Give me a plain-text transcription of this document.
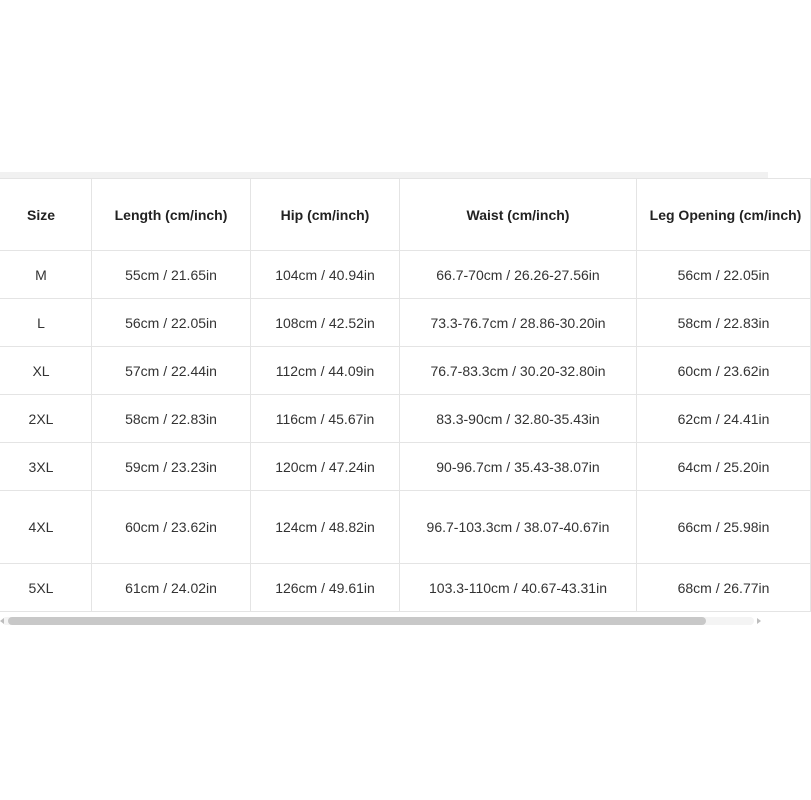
Size	Length (cm/inch)	Hip (cm/inch)	Waist (cm/inch)	Leg Opening (cm/inch)
M	55cm / 21.65in	104cm / 40.94in	66.7-70cm / 26.26-27.56in	56cm / 22.05in
L	56cm / 22.05in	108cm / 42.52in	73.3-76.7cm / 28.86-30.20in	58cm / 22.83in
XL	57cm / 22.44in	112cm / 44.09in	76.7-83.3cm / 30.20-32.80in	60cm / 23.62in
2XL	58cm / 22.83in	116cm / 45.67in	83.3-90cm / 32.80-35.43in	62cm / 24.41in
3XL	59cm / 23.23in	120cm / 47.24in	90-96.7cm / 35.43-38.07in	64cm / 25.20in
4XL	60cm / 23.62in	124cm / 48.82in	96.7-103.3cm / 38.07-40.67in	66cm / 25.98in
5XL	61cm / 24.02in	126cm / 49.61in	103.3-110cm / 40.67-43.31in	68cm / 26.77in
